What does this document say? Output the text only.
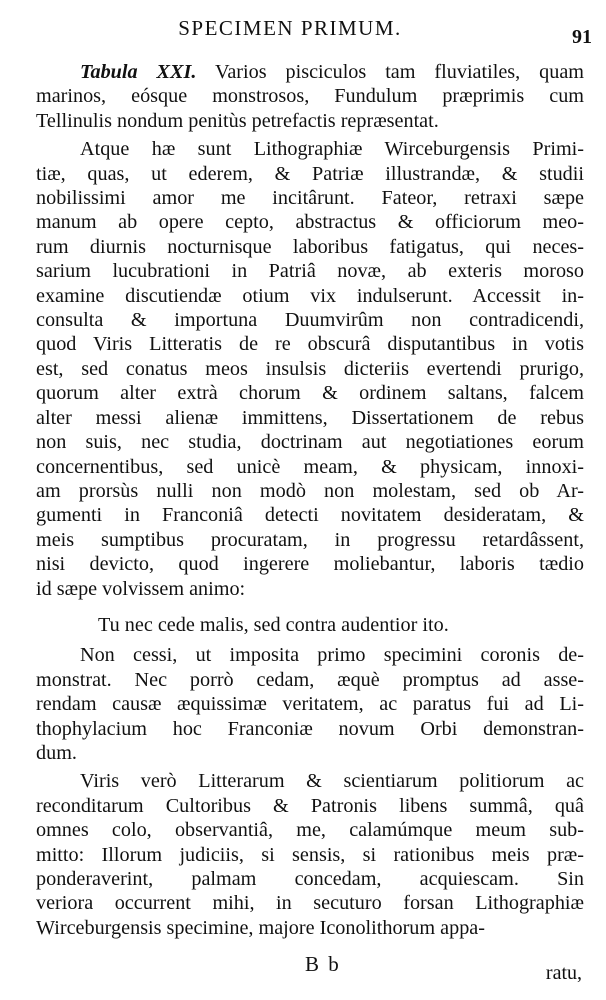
SPECIMEN PRIMUM.	91
Tabula XXI. Varios pisciculos tam fluviatiles, quam
marinos, eósque monstrosos, Fundulum præprimis cum
Tellinulis nondum penitùs petrefactis repræsentat.
Atque hæ sunt Lithographiæ Wirceburgensis Primi-
tiæ, quas, ut ederem, & Patriæ illustrandæ, & studii
nobilissimi amor me incitârunt. Fateor, retraxi sæpe
manum ab opere cepto, abstractus & officiorum meo-
rum diurnis nocturnisque laboribus fatigatus, qui neces-
sarium lucubrationi in Patriâ novæ, ab exteris moroso
examine discutiendæ otium vix indulserunt. Accessit in-
consulta & importuna Duumvirûm non contradicendi,
quod Viris Litteratis de re obscurâ disputantibus in votis
est, sed conatus meos insulsis dicteriis evertendi prurigo,
quorum alter extrà chorum & ordinem saltans, falcem
alter messi alienæ immittens, Dissertationem de rebus
non suis, nec studia, doctrinam aut negotiationes eorum
concernentibus, sed unicè meam, & physicam, innoxi-
am prorsùs nulli non modò non molestam, sed ob Ar-
gumenti in Franconiâ detecti novitatem desideratam, &
meis sumptibus procuratam, in progressu retardâssent,
nisi devicto, quod ingerere moliebantur, laboris tædio
id sæpe volvissem animo:
Tu nec cede malis, sed contra audentior ito.
Non cessi, ut imposita primo specimini coronis de-
monstrat. Nec porrò cedam, æquè promptus ad asse-
rendam causæ æquissimæ veritatem, ac paratus fui ad Li-
thophylacium hoc Franconiæ novum Orbi demonstran-
dum.
Viris verò Litterarum & scientiarum politiorum ac
reconditarum Cultoribus & Patronis libens summâ, quâ
omnes colo, observantiâ, me, calamúmque meum sub-
mitto: Illorum judiciis, si sensis, si rationibus meis præ-
ponderaverint, palmam concedam, acquiescam. Sin
veriora occurrent mihi, in secuturo forsan Lithographiæ
Wirceburgensis specimine, majore Iconolithorum appa-
B b	ratu,
